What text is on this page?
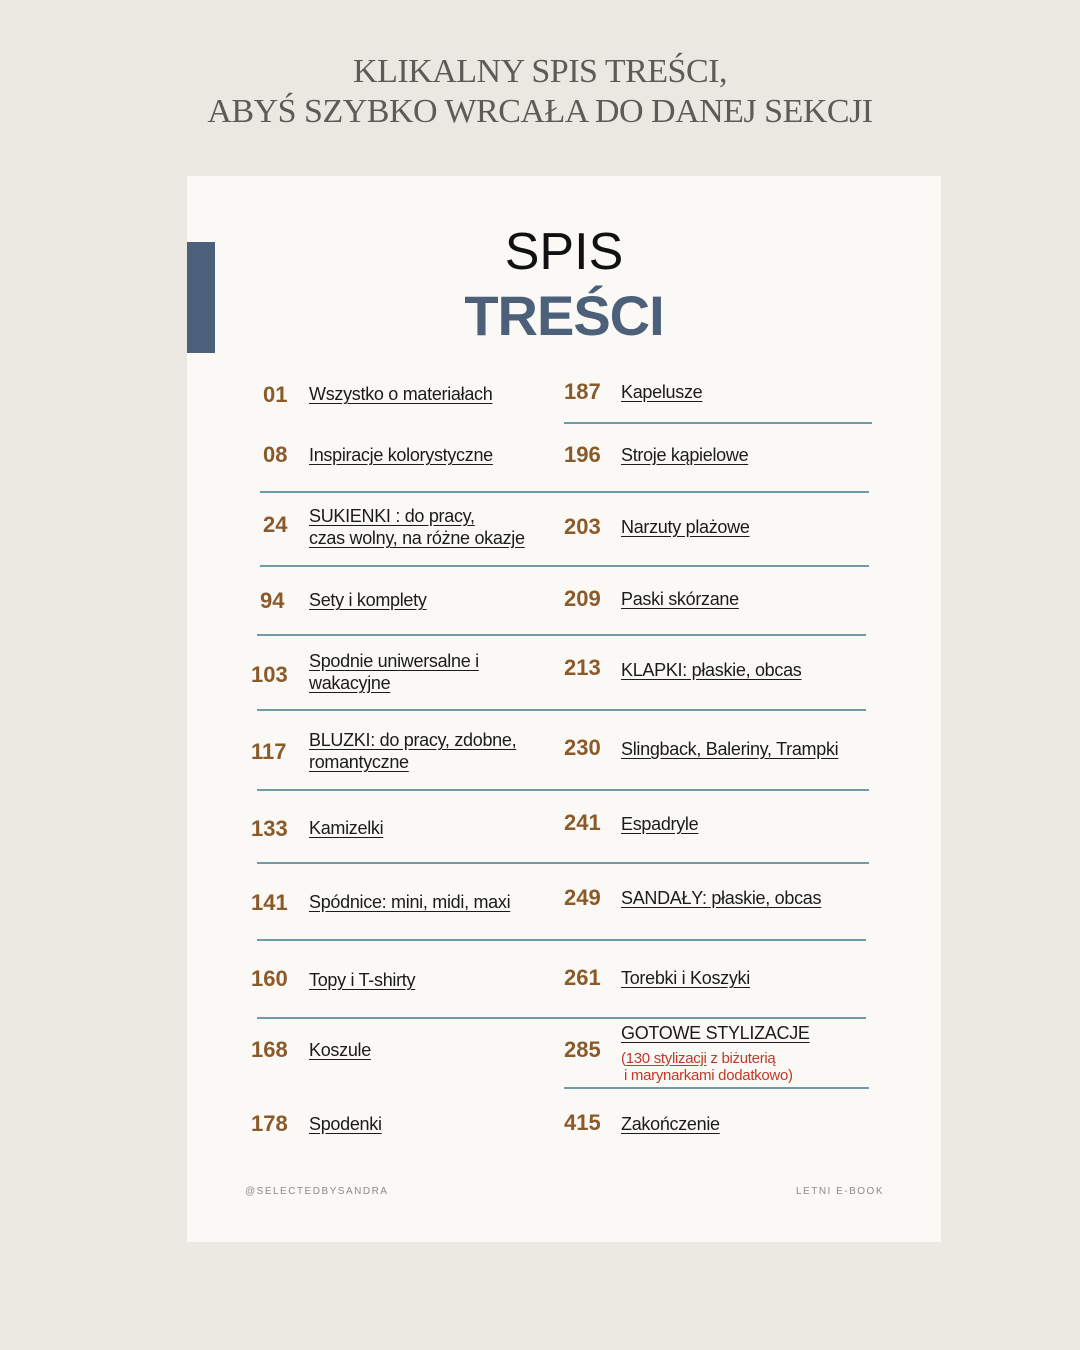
KLIKALNY SPIS TREŚCI,
ABYŚ SZYBKO WRCAŁA DO DANEJ SEKCJI
SPIS
TREŚCI
01 Wszystko o materiałach
08 Inspiracje kolorystyczne
24 SUKIENKI : do pracy,
czas wolny, na różne okazje
94 Sety i komplety
103
Spodnie uniwersalne i
wakacyjne
117 BLUZKI: do pracy, zdobne,
romantyczne
133 Kamizelki
141 Spódnice: mini, midi, maxi
160 Topy i T-shirty
168 Koszule
178 Spodenki
187 Kapelusze
196 Stroje kąpielowe
203 Narzuty plażowe
209 Paski skórzane
213 KLAPKI: płaskie, obcas
230 Slingback, Baleriny, Trampki
241 Espadryle
249 SANDAŁY: płaskie, obcas
261 Torebki i Koszyki
285
GOTOWE STYLIZACJE
(130 stylizacji z biżuterią
i marynarkami dodatkowo)
415 Zakończenie
@SELECTEDBYSANDRA	LETNI E-BOOK
